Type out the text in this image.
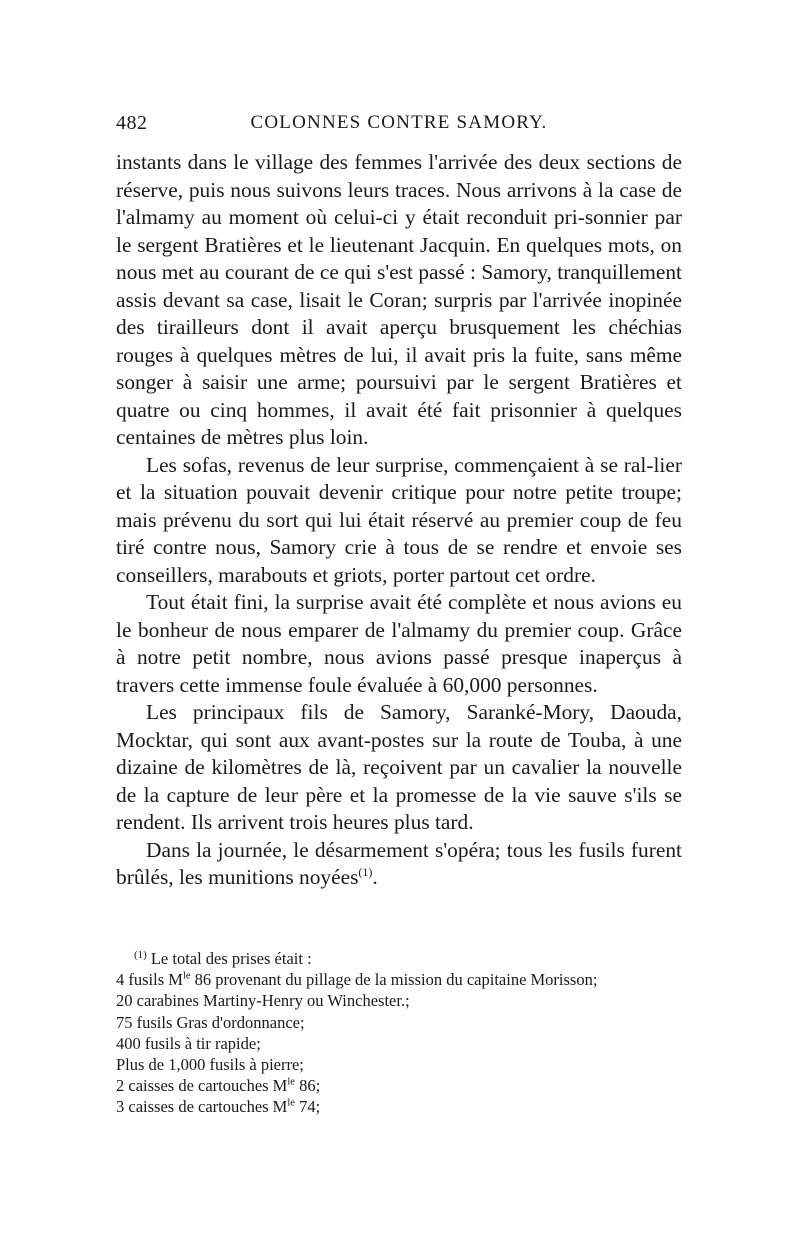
482	COLONNES CONTRE SAMORY.

instants dans le village des femmes l'arrivée des deux sections de réserve, puis nous suivons leurs traces. Nous arrivons à la case de l'almamy au moment où celui-ci y était reconduit pri-sonnier par le sergent Bratières et le lieutenant Jacquin. En quelques mots, on nous met au courant de ce qui s'est passé : Samory, tranquillement assis devant sa case, lisait le Coran; surpris par l'arrivée inopinée des tirailleurs dont il avait aperçu brusquement les chéchias rouges à quelques mètres de lui, il avait pris la fuite, sans même songer à saisir une arme; poursuivi par le sergent Bratières et quatre ou cinq hommes, il avait été fait prisonnier à quelques centaines de mètres plus loin.

Les sofas, revenus de leur surprise, commençaient à se ral-lier et la situation pouvait devenir critique pour notre petite troupe; mais prévenu du sort qui lui était réservé au premier coup de feu tiré contre nous, Samory crie à tous de se rendre et envoie ses conseillers, marabouts et griots, porter partout cet ordre.

Tout était fini, la surprise avait été complète et nous avions eu le bonheur de nous emparer de l'almamy du premier coup. Grâce à notre petit nombre, nous avions passé presque inaperçus à travers cette immense foule évaluée à 60,000 personnes.

Les principaux fils de Samory, Saranké-Mory, Daouda, Mocktar, qui sont aux avant-postes sur la route de Touba, à une dizaine de kilomètres de là, reçoivent par un cavalier la nouvelle de la capture de leur père et la promesse de la vie sauve s'ils se rendent. Ils arrivent trois heures plus tard.

Dans la journée, le désarmement s'opéra; tous les fusils furent brûlés, les munitions noyées$^{(1)}$.

$^{(1)}$ Le total des prises était :

4 fusils $M^{le}$ 86 provenant du pillage de la mission du capitaine Morisson;

20 carabines Martiny-Henry ou Winchester.;

75 fusils Gras d'ordonnance;

400 fusils à tir rapide;

Plus de 1,000 fusils à pierre;

2 caisses de cartouches $M^{le}$ 86;

3 caisses de cartouches $M^{le}$ 74;
